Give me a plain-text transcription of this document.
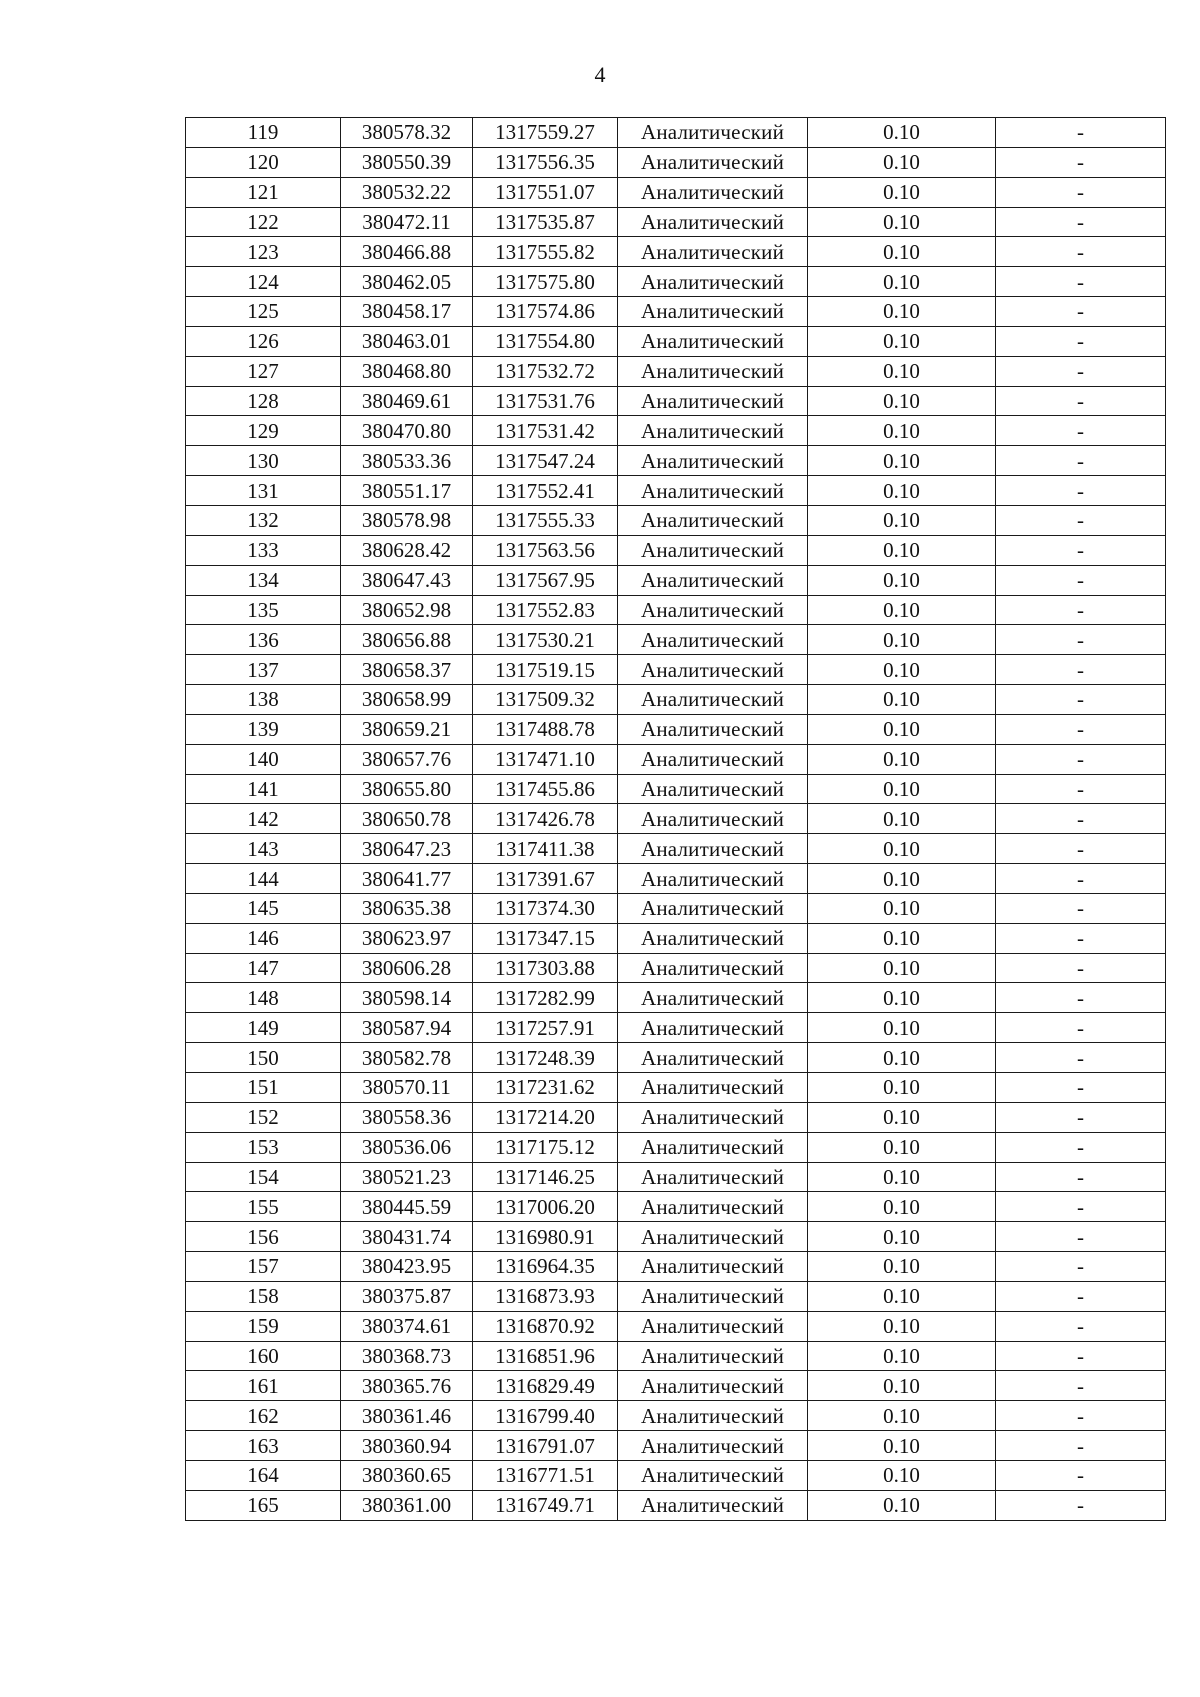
4
119	380578.32	1317559.27	Аналитический	0.10	-
120	380550.39	1317556.35	Аналитический	0.10	-
121	380532.22	1317551.07	Аналитический	0.10	-
122	380472.11	1317535.87	Аналитический	0.10	-
123	380466.88	1317555.82	Аналитический	0.10	-
124	380462.05	1317575.80	Аналитический	0.10	-
125	380458.17	1317574.86	Аналитический	0.10	-
126	380463.01	1317554.80	Аналитический	0.10	-
127	380468.80	1317532.72	Аналитический	0.10	-
128	380469.61	1317531.76	Аналитический	0.10	-
129	380470.80	1317531.42	Аналитический	0.10	-
130	380533.36	1317547.24	Аналитический	0.10	-
131	380551.17	1317552.41	Аналитический	0.10	-
132	380578.98	1317555.33	Аналитический	0.10	-
133	380628.42	1317563.56	Аналитический	0.10	-
134	380647.43	1317567.95	Аналитический	0.10	-
135	380652.98	1317552.83	Аналитический	0.10	-
136	380656.88	1317530.21	Аналитический	0.10	-
137	380658.37	1317519.15	Аналитический	0.10	-
138	380658.99	1317509.32	Аналитический	0.10	-
139	380659.21	1317488.78	Аналитический	0.10	-
140	380657.76	1317471.10	Аналитический	0.10	-
141	380655.80	1317455.86	Аналитический	0.10	-
142	380650.78	1317426.78	Аналитический	0.10	-
143	380647.23	1317411.38	Аналитический	0.10	-
144	380641.77	1317391.67	Аналитический	0.10	-
145	380635.38	1317374.30	Аналитический	0.10	-
146	380623.97	1317347.15	Аналитический	0.10	-
147	380606.28	1317303.88	Аналитический	0.10	-
148	380598.14	1317282.99	Аналитический	0.10	-
149	380587.94	1317257.91	Аналитический	0.10	-
150	380582.78	1317248.39	Аналитический	0.10	-
151	380570.11	1317231.62	Аналитический	0.10	-
152	380558.36	1317214.20	Аналитический	0.10	-
153	380536.06	1317175.12	Аналитический	0.10	-
154	380521.23	1317146.25	Аналитический	0.10	-
155	380445.59	1317006.20	Аналитический	0.10	-
156	380431.74	1316980.91	Аналитический	0.10	-
157	380423.95	1316964.35	Аналитический	0.10	-
158	380375.87	1316873.93	Аналитический	0.10	-
159	380374.61	1316870.92	Аналитический	0.10	-
160	380368.73	1316851.96	Аналитический	0.10	-
161	380365.76	1316829.49	Аналитический	0.10	-
162	380361.46	1316799.40	Аналитический	0.10	-
163	380360.94	1316791.07	Аналитический	0.10	-
164	380360.65	1316771.51	Аналитический	0.10	-
165	380361.00	1316749.71	Аналитический	0.10	-
